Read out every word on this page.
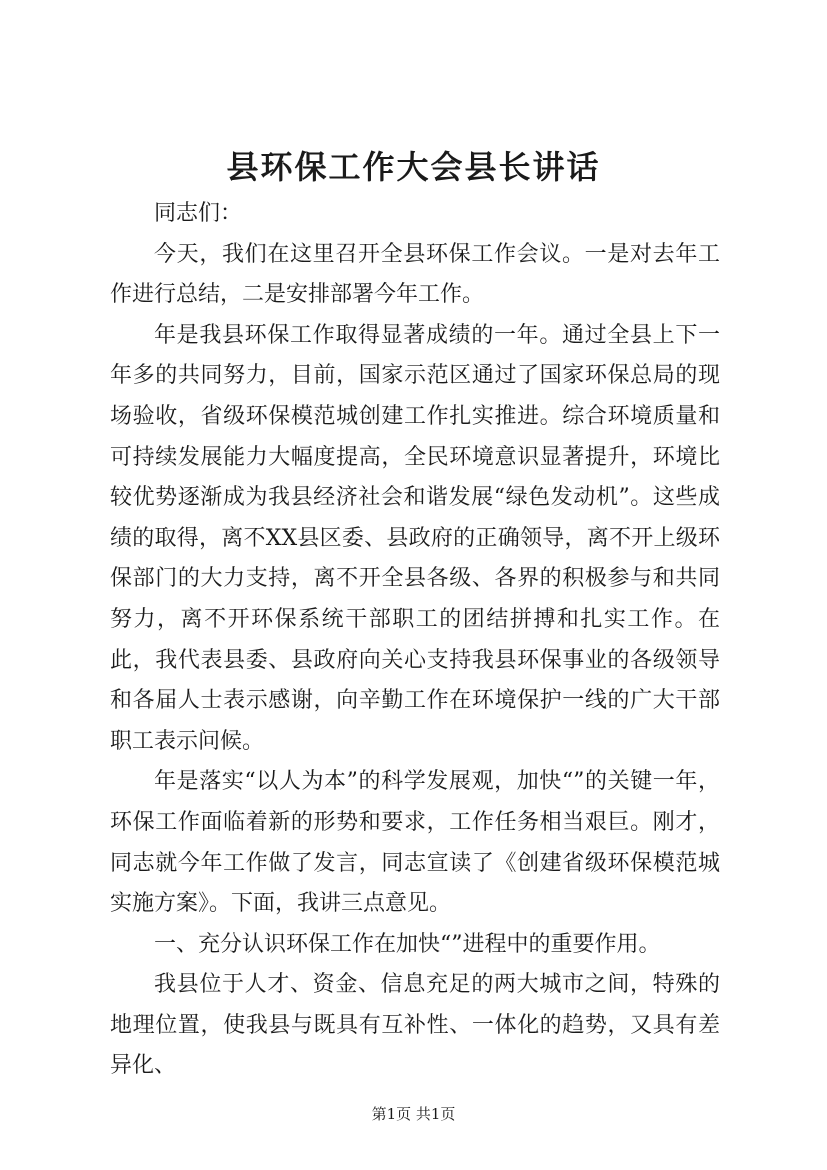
县环保工作大会县长讲话

同志们：

今天，我们在这里召开全县环保工作会议。一是对去年工作进行总结，二是安排部署今年工作。

年是我县环保工作取得显著成绩的一年。通过全县上下一年多的共同努力，目前，国家示范区通过了国家环保总局的现场验收，省级环保模范城创建工作扎实推进。综合环境质量和可持续发展能力大幅度提高，全民环境意识显著提升，环境比较优势逐渐成为我县经济社会和谐发展“绿色发动机”。这些成绩的取得，离不XX县区委、县政府的正确领导，离不开上级环保部门的大力支持，离不开全县各级、各界的积极参与和共同努力，离不开环保系统干部职工的团结拼搏和扎实工作。在此，我代表县委、县政府向关心支持我县环保事业的各级领导和各届人士表示感谢，向辛勤工作在环境保护一线的广大干部职工表示问候。

年是落实“以人为本”的科学发展观，加快“”的关键一年，环保工作面临着新的形势和要求，工作任务相当艰巨。刚才，同志就今年工作做了发言，同志宣读了《创建省级环保模范城实施方案》。下面，我讲三点意见。

一、充分认识环保工作在加快“”进程中的重要作用。

我县位于人才、资金、信息充足的两大城市之间，特殊的地理位置，使我县与既具有互补性、一体化的趋势，又具有差异化、

第1页 共1页
